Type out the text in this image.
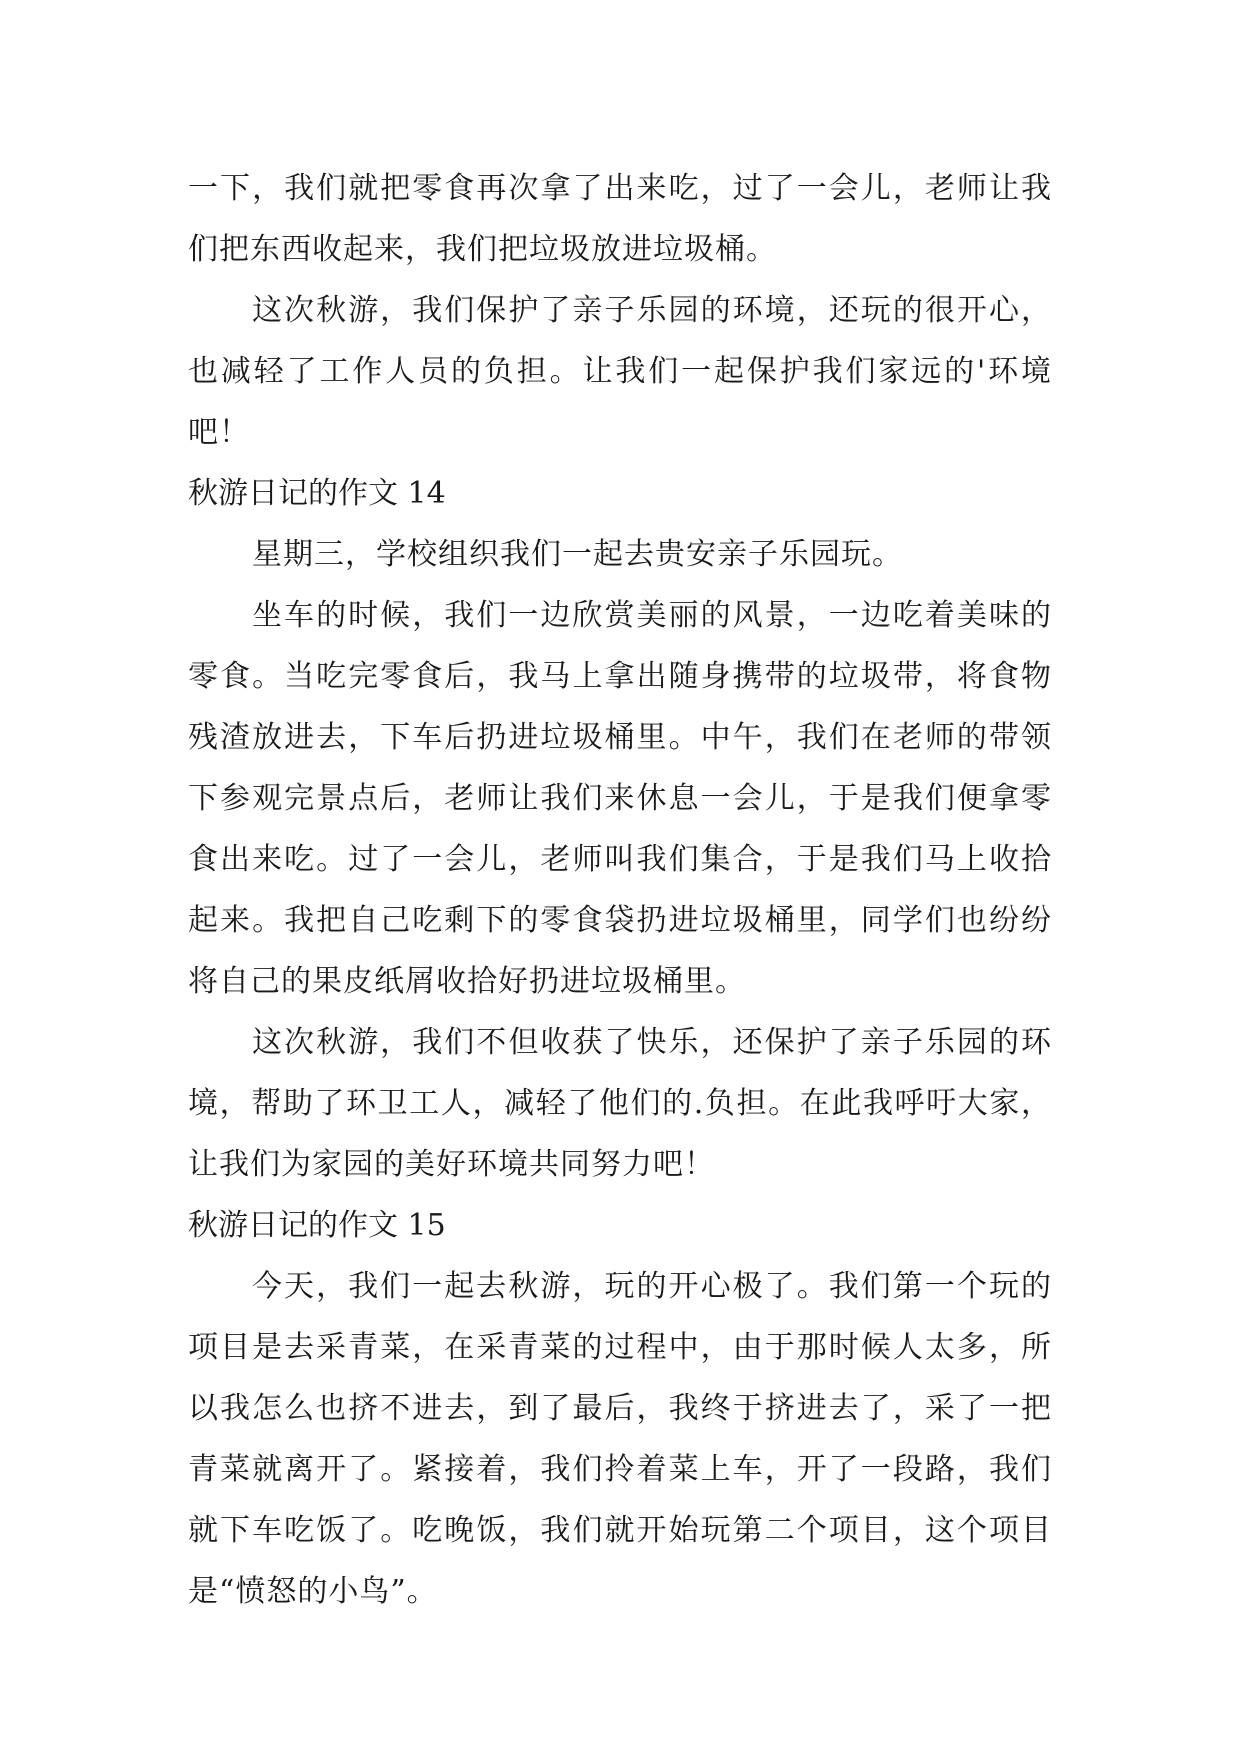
一下，我们就把零食再次拿了出来吃，过了一会儿，老师让我们把东西收起来，我们把垃圾放进垃圾桶。

这次秋游，我们保护了亲子乐园的环境，还玩的很开心，也减轻了工作人员的负担。让我们一起保护我们家远的'环境吧！

秋游日记的作文 14

星期三，学校组织我们一起去贵安亲子乐园玩。

坐车的时候，我们一边欣赏美丽的风景，一边吃着美味的零食。当吃完零食后，我马上拿出随身携带的垃圾带，将食物残渣放进去，下车后扔进垃圾桶里。中午，我们在老师的带领下参观完景点后，老师让我们来休息一会儿，于是我们便拿零食出来吃。过了一会儿，老师叫我们集合，于是我们马上收拾起来。我把自己吃剩下的零食袋扔进垃圾桶里，同学们也纷纷将自己的果皮纸屑收拾好扔进垃圾桶里。

这次秋游，我们不但收获了快乐，还保护了亲子乐园的环境，帮助了环卫工人，减轻了他们的.负担。在此我呼吁大家，让我们为家园的美好环境共同努力吧！

秋游日记的作文 15

今天，我们一起去秋游，玩的开心极了。我们第一个玩的项目是去采青菜，在采青菜的过程中，由于那时候人太多，所以我怎么也挤不进去，到了最后，我终于挤进去了，采了一把青菜就离开了。紧接着，我们拎着菜上车，开了一段路，我们就下车吃饭了。吃晚饭，我们就开始玩第二个项目，这个项目是“愤怒的小鸟”。
